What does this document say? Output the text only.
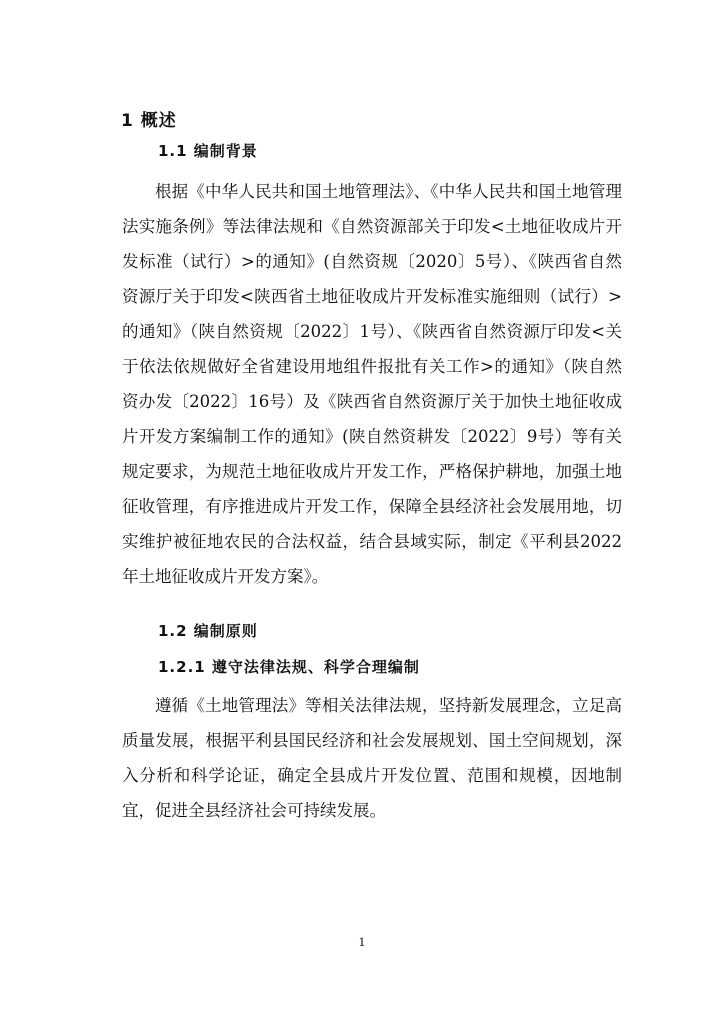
1 概述
1.1 编制背景
根据《中华人民共和国土地管理法》、《中华人民共和国土地管理法实施条例》等法律法规和《自然资源部关于印发<土地征收成片开发标准（试行）>的通知》(自然资规〔2020〕5号）、《陕西省自然资源厅关于印发<陕西省土地征收成片开发标准实施细则（试行）>的通知》（陕自然资规〔2022〕1号）、《陕西省自然资源厅印发<关于依法依规做好全省建设用地组件报批有关工作>的通知》（陕自然资办发〔2022〕16号）及《陕西省自然资源厅关于加快土地征收成片开发方案编制工作的通知》(陕自然资耕发〔2022〕9号）等有关规定要求，为规范土地征收成片开发工作，严格保护耕地，加强土地征收管理，有序推进成片开发工作，保障全县经济社会发展用地，切实维护被征地农民的合法权益，结合县域实际，制定《平利县2022年土地征收成片开发方案》。
1.2 编制原则
1.2.1 遵守法律法规、科学合理编制
遵循《土地管理法》等相关法律法规，坚持新发展理念，立足高质量发展，根据平利县国民经济和社会发展规划、国土空间规划，深入分析和科学论证，确定全县成片开发位置、范围和规模，因地制宜，促进全县经济社会可持续发展。
1
